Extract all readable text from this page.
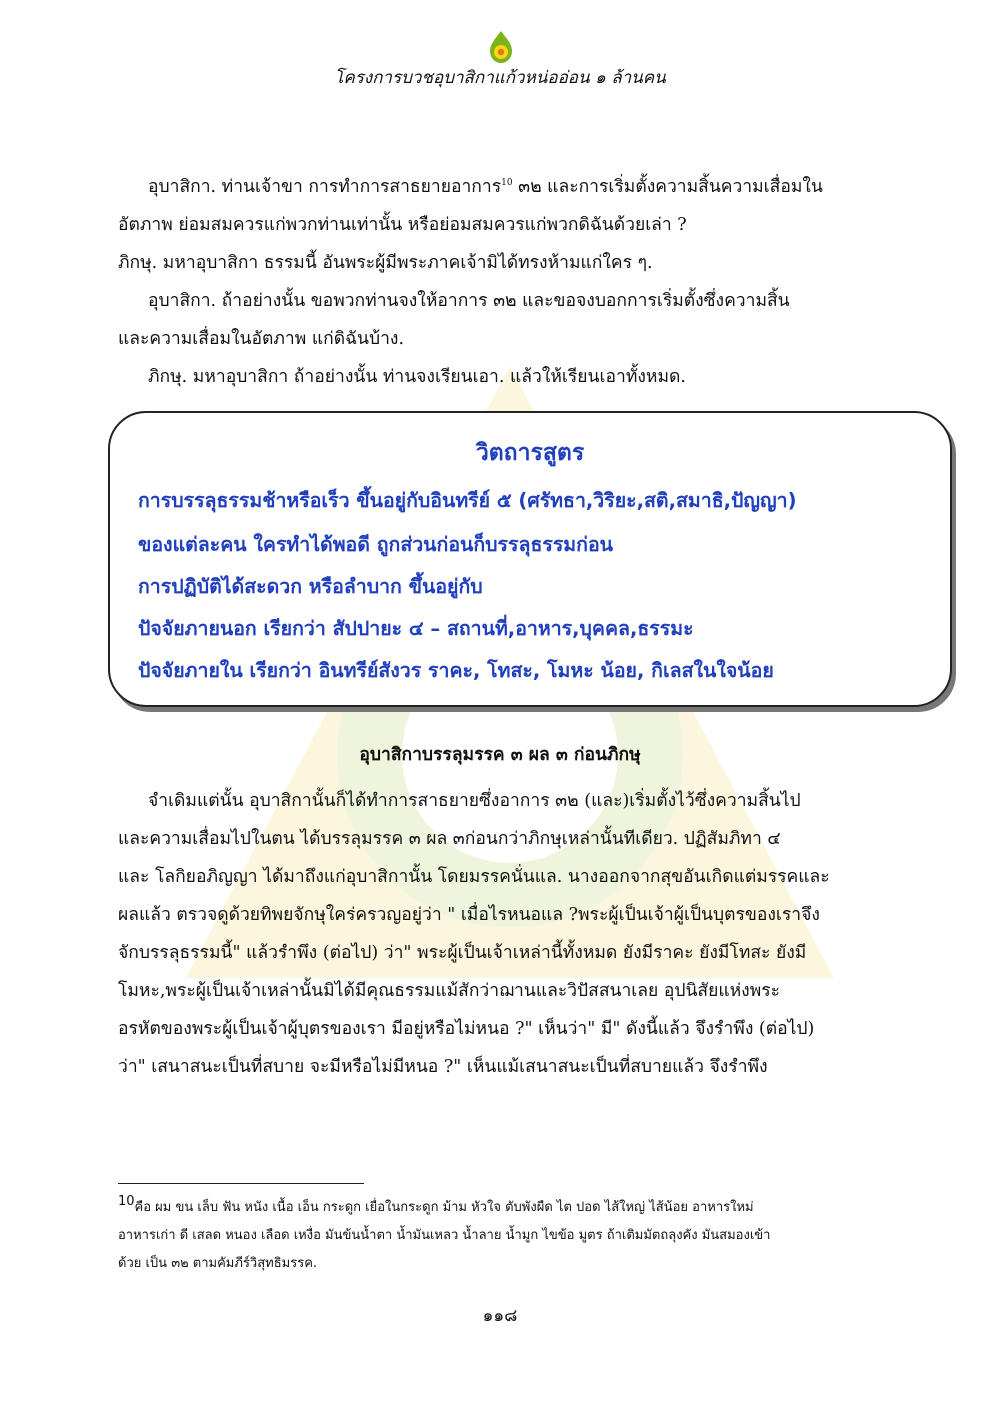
โครงการบวชอุบาสิกาแก้วหน่ออ่อน ๑ ล้านคน
อุบาสิกา. ท่านเจ้าขา การทำการสาธยายอาการ$^{10}$ ๓๒ และการเริ่มตั้งความสิ้นความเสื่อมใน
อัตภาพ ย่อมสมควรแก่พวกท่านเท่านั้น หรือย่อมสมควรแก่พวกดิฉันด้วยเล่า ?
ภิกษุ. มหาอุบาสิกา ธรรมนี้ อันพระผู้มีพระภาคเจ้ามิได้ทรงห้ามแก่ใคร ๆ.
อุบาสิกา. ถ้าอย่างนั้น ขอพวกท่านจงให้อาการ ๓๒ และขอจงบอกการเริ่มตั้งซึ่งความสิ้น
และความเสื่อมในอัตภาพ แก่ดิฉันบ้าง.
ภิกษุ. มหาอุบาสิกา ถ้าอย่างนั้น ท่านจงเรียนเอา. แล้วให้เรียนเอาทั้งหมด.
วิตถารสูตร
การบรรลุธรรมช้าหรือเร็ว ขึ้นอยู่กับอินทรีย์ ๕ (ศรัทธา,วิริยะ,สติ,สมาธิ,ปัญญา)
ของแต่ละคน ใครทำได้พอดี ถูกส่วนก่อนก็บรรลุธรรมก่อน
การปฏิบัติได้สะดวก หรือลำบาก ขึ้นอยู่กับ
ปัจจัยภายนอก เรียกว่า สัปปายะ ๔ – สถานที่,อาหาร,บุคคล,ธรรมะ
ปัจจัยภายใน เรียกว่า อินทรีย์สังวร ราคะ, โทสะ, โมหะ น้อย, กิเลสในใจน้อย
อุบาสิกาบรรลุมรรค ๓ ผล ๓ ก่อนภิกษุ
จำเดิมแต่นั้น อุบาสิกานั้นก็ได้ทำการสาธยายซึ่งอาการ ๓๒ (และ)เริ่มตั้งไว้ซึ่งความสิ้นไป
และความเสื่อมไปในตน ได้บรรลุมรรค ๓ ผล ๓ก่อนกว่าภิกษุเหล่านั้นทีเดียว. ปฏิสัมภิทา ๔
และ โลกิยอภิญญา ได้มาถึงแก่อุบาสิกานั้น โดยมรรคนั่นแล. นางออกจากสุขอันเกิดแต่มรรคและ
ผลแล้ว ตรวจดูด้วยทิพยจักษุใคร่ครวญอยู่ว่า " เมื่อไรหนอแล ?พระผู้เป็นเจ้าผู้เป็นบุตรของเราจึง
จักบรรลุธรรมนี้" แล้วรำพึง (ต่อไป) ว่า" พระผู้เป็นเจ้าเหล่านี้ทั้งหมด ยังมีราคะ ยังมีโทสะ ยังมี
โมหะ,พระผู้เป็นเจ้าเหล่านั้นมิได้มีคุณธรรมแม้สักว่าฌานและวิปัสสนาเลย อุปนิสัยแห่งพระ
อรหัตของพระผู้เป็นเจ้าผู้บุตรของเรา มีอยู่หรือไม่หนอ ?" เห็นว่า" มี" ดังนี้แล้ว จึงรำพึง (ต่อไป)
ว่า" เสนาสนะเป็นที่สบาย จะมีหรือไม่มีหนอ ?" เห็นแม้เสนาสนะเป็นที่สบายแล้ว จึงรำพึง
10คือ ผม ขน เล็บ ฟัน หนัง เนื้อ เอ็น กระดูก เยื่อในกระดูก ม้าม หัวใจ ตับพังผืด ไต ปอด ไส้ใหญ่ ไส้น้อย อาหารใหม่
อาหารเก่า ดี เสลด หนอง เลือด เหงื่อ มันข้นน้ำตา น้ำมันเหลว น้ำลาย น้ำมูก ไขข้อ มูตร ถ้าเติมมัตถลุงคัง มันสมองเข้า
ด้วย เป็น ๓๒ ตามคัมภีร์วิสุทธิมรรค.
๑๑๘
